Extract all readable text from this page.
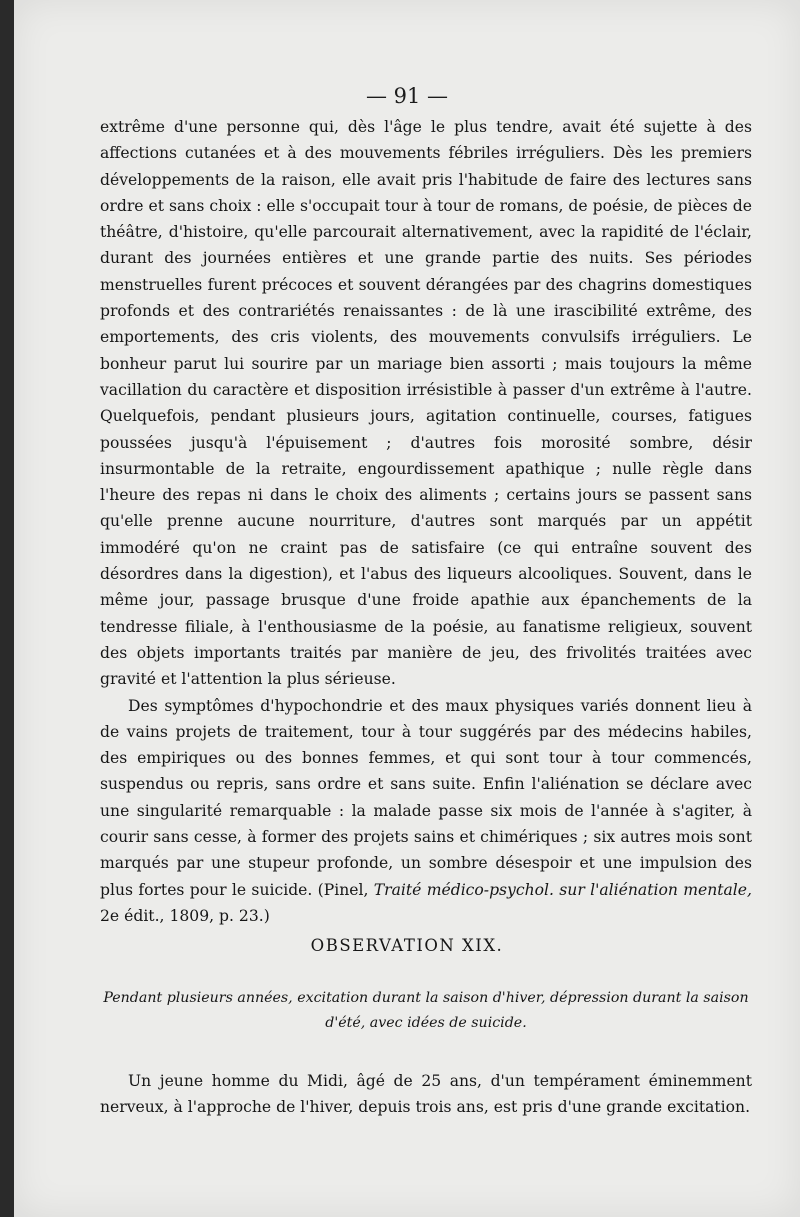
— 91 —

extrême d'une personne qui, dès l'âge le plus tendre, avait été sujette à des affections cutanées et à des mouvements fébriles irréguliers. Dès les premiers développements de la raison, elle avait pris l'habitude de faire des lectures sans ordre et sans choix : elle s'occupait tour à tour de romans, de poésie, de pièces de théâtre, d'histoire, qu'elle parcourait alternativement, avec la rapidité de l'éclair, durant des journées entières et une grande partie des nuits. Ses périodes menstruelles furent précoces et souvent dérangées par des chagrins domestiques profonds et des contrariétés renaissantes : de là une irascibilité extrême, des emportements, des cris violents, des mouvements convulsifs irréguliers. Le bonheur parut lui sourire par un mariage bien assorti ; mais toujours la même vacillation du caractère et disposition irrésistible à passer d'un extrême à l'autre. Quelquefois, pendant plusieurs jours, agitation continuelle, courses, fatigues poussées jusqu'à l'épuisement ; d'autres fois morosité sombre, désir insurmontable de la retraite, engourdissement apathique ; nulle règle dans l'heure des repas ni dans le choix des aliments ; certains jours se passent sans qu'elle prenne aucune nourriture, d'autres sont marqués par un appétit immodéré qu'on ne craint pas de satisfaire (ce qui entraîne souvent des désordres dans la digestion), et l'abus des liqueurs alcooliques. Souvent, dans le même jour, passage brusque d'une froide apathie aux épanchements de la tendresse filiale, à l'enthousiasme de la poésie, au fanatisme religieux, souvent des objets importants traités par manière de jeu, des frivolités traitées avec gravité et l'attention la plus sérieuse.

Des symptômes d'hypochondrie et des maux physiques variés donnent lieu à de vains projets de traitement, tour à tour suggérés par des médecins habiles, des empiriques ou des bonnes femmes, et qui sont tour à tour commencés, suspendus ou repris, sans ordre et sans suite. Enfin l'aliénation se déclare avec une singularité remarquable : la malade passe six mois de l'année à s'agiter, à courir sans cesse, à former des projets sains et chimériques ; six autres mois sont marqués par une stupeur profonde, un sombre désespoir et une impulsion des plus fortes pour le suicide. (Pinel, Traité médico-psychol. sur l'aliénation mentale, 2e édit., 1809, p. 23.)

OBSERVATION XIX.
Pendant plusieurs années, excitation durant la saison d'hiver, dépression durant la saison d'été, avec idées de suicide.
Un jeune homme du Midi, âgé de 25 ans, d'un tempérament éminemment nerveux, à l'approche de l'hiver, depuis trois ans, est pris d'une grande excitation.
